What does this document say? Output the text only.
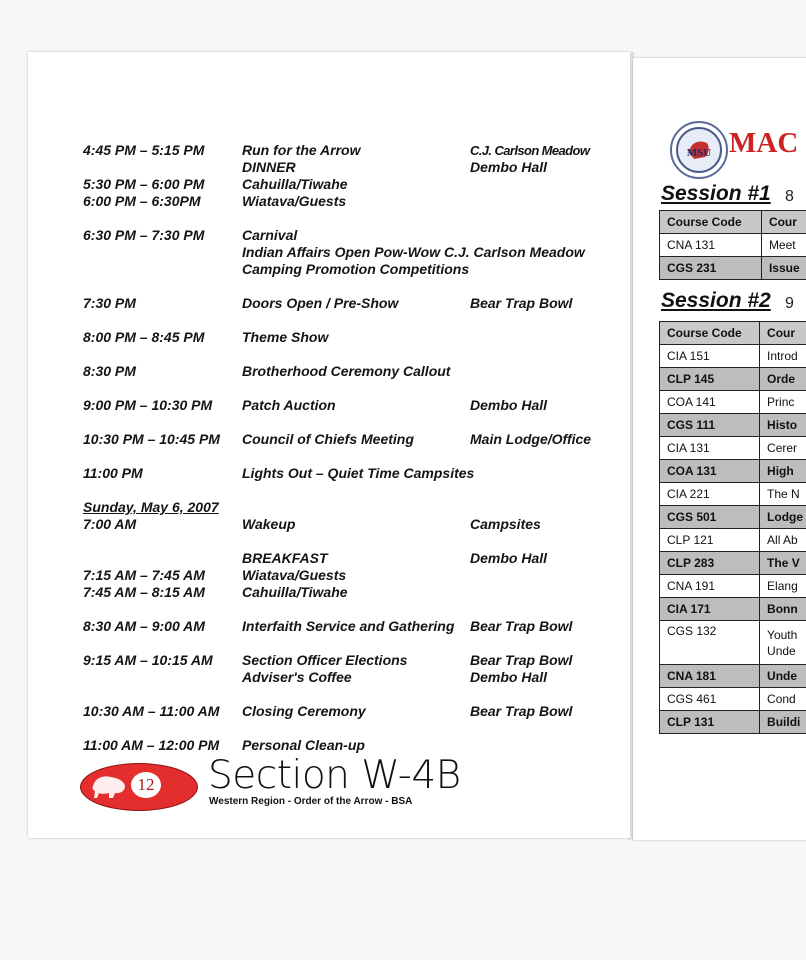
4:45 PM – 5:15 PM	Run for the Arrow	C.J. Carlson Meadow
DINNER	Dembo Hall
5:30 PM – 6:00 PM	Cahuilla/Tiwahe
6:00 PM – 6:30PM	Wiatava/Guests
6:30 PM – 7:30 PM	Carnival
Indian Affairs Open Pow-Wow C.J. Carlson Meadow
Camping Promotion Competitions
7:30 PM	Doors Open / Pre-Show	Bear Trap Bowl
8:00 PM – 8:45 PM	Theme Show
8:30 PM	Brotherhood Ceremony Callout
9:00 PM – 10:30 PM Patch Auction	Dembo Hall
10:30 PM – 10:45 PM Council of Chiefs Meeting	Main Lodge/Office
11:00 PM	Lights Out – Quiet Time Campsites
7:00 AM	Wakeup	Campsites
BREAKFAST	Dembo Hall
7:15 AM – 7:45 AM	Wiatava/Guests
7:45 AM – 8:15 AM	Cahuilla/Tiwahe
8:30 AM – 9:00 AM	Interfaith Service and Gathering Bear Trap Bowl
9:15 AM – 10:15 AM Section Officer Elections	Bear Trap Bowl
Adviser's Coffee	Dembo Hall
10:30 AM – 11:00 AM Closing Ceremony	Bear Trap Bowl
11:00 AM – 12:00 PM Personal Clean-up
Sunday, May 6, 2007
12 Section W-4B
Western Region - Order of the Arrow - BSA
MSU MAC
Session #1 8
Course Code	Cour
CNA 131	Meet
CGS 231	Issue
Session #2 9
Course Code	Cour
CIA 151	Introd
CLP 145	Orde
COA 141	Princ
CGS 111	Histo
CIA 131	Cerer
COA 131	High
CIA 221	The N
CGS 501	Lodge
CLP 121	All Ab
CLP 283	The V
CNA 191	Elang
CIA 171	Bonn
CGS 132	Youth
Unde

CNA 181	Unde
CGS 461	Cond
CLP 131	Buildi
